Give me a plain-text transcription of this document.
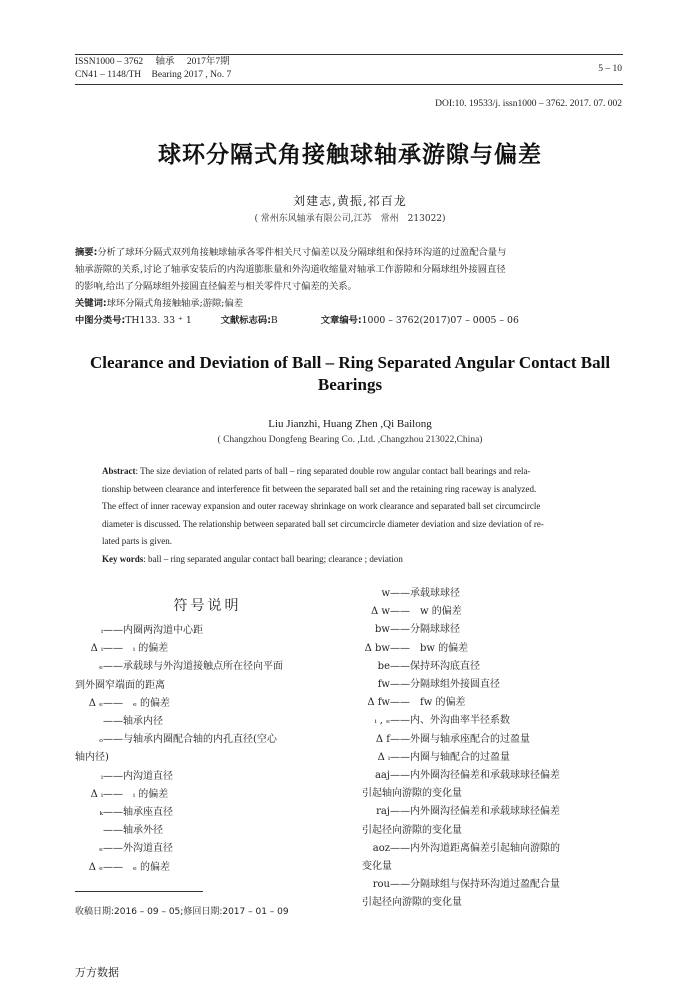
ISSN1000 – 3762 轴承 2017年7期
CN41 – 1148/TH Bearing 2017 , No. 7
5 – 10
DOI:10. 19533/j. issn1000 – 3762. 2017. 07. 002
球环分隔式角接触球轴承游隙与偏差
刘建志,黄振,祁百龙
( 常州东风轴承有限公司,江苏　常州　213022)
摘要:分析了球环分隔式双列角接触球轴承各零件相关尺寸偏差以及分隔球组和保持环沟道的过盈配合量与
轴承游隙的关系,讨论了轴承安装后的内沟道膨胀量和外沟道收缩量对轴承工作游隙和分隔球组外接圆直径
的影响,给出了分隔球组外接圆直径偏差与相关零件尺寸偏差的关系。
关键词:球环分隔式角接触轴承;游隙;偏差
中图分类号:TH133. 33 ⁺ 1	文献标志码:B	文章编号:1000 – 3762(2017)07 – 0005 – 06
Clearance and Deviation of Ball – Ring Separated Angular Contact Ball
Bearings
Liu Jianzhi, Huang Zhen ,Qi Bailong
( Changzhou Dongfeng Bearing Co. ,Ltd. ,Changzhou 213022,China)
Abstract: The size deviation of related parts of ball – ring separated double row angular contact ball bearings and rela-
tionship between clearance and interference fit between the separated ball set and the retaining ring raceway is analyzed.
The effect of inner raceway expansion and outer raceway shrinkage on work clearance and separated ball set circumcircle
diameter is discussed. The relationship between separated ball set circumcircle diameter deviation and size deviation of re-
lated parts is given.
Key words: ball – ring separated angular contact ball bearing; clearance ; deviation
符号说明
ᵢ——内圈两沟道中心距
Δ ᵢ——　ᵢ 的偏差
ₑ——承载球与外沟道接触点所在径向平面
到外圈窄端面的距离
Δ ₑ——　ₑ 的偏差
——轴承内径
ₒ——与轴承内圈配合轴的内孔直径(空心
轴内径)
ᵢ——内沟道直径
Δ ᵢ——　ᵢ 的偏差
ₖ——轴承座直径
——轴承外径
ₑ——外沟道直径
Δ ₑ——　ₑ 的偏差
w——承载球球径
Δ w——　w 的偏差
bw——分隔球球径
Δ bw——　bw 的偏差
be——保持环沟底直径
fw——分隔球组外接圆直径
Δ fw——　fw 的偏差
ᵢ , ₑ——内、外沟曲率半径系数
Δ f——外圈与轴承座配合的过盈量
Δ ᵢ——内圈与轴配合的过盈量
aaj——内外圈沟径偏差和承载球球径偏差
引起轴向游隙的变化量
raj——内外圈沟径偏差和承载球球径偏差
引起径向游隙的变化量
aoz——内外沟道距离偏差引起轴向游隙的
变化量
rou——分隔球组与保持环沟道过盈配合量
引起径向游隙的变化量
收稿日期:2016 – 09 – 05;修回日期:2017 – 01 – 09
万方数据
